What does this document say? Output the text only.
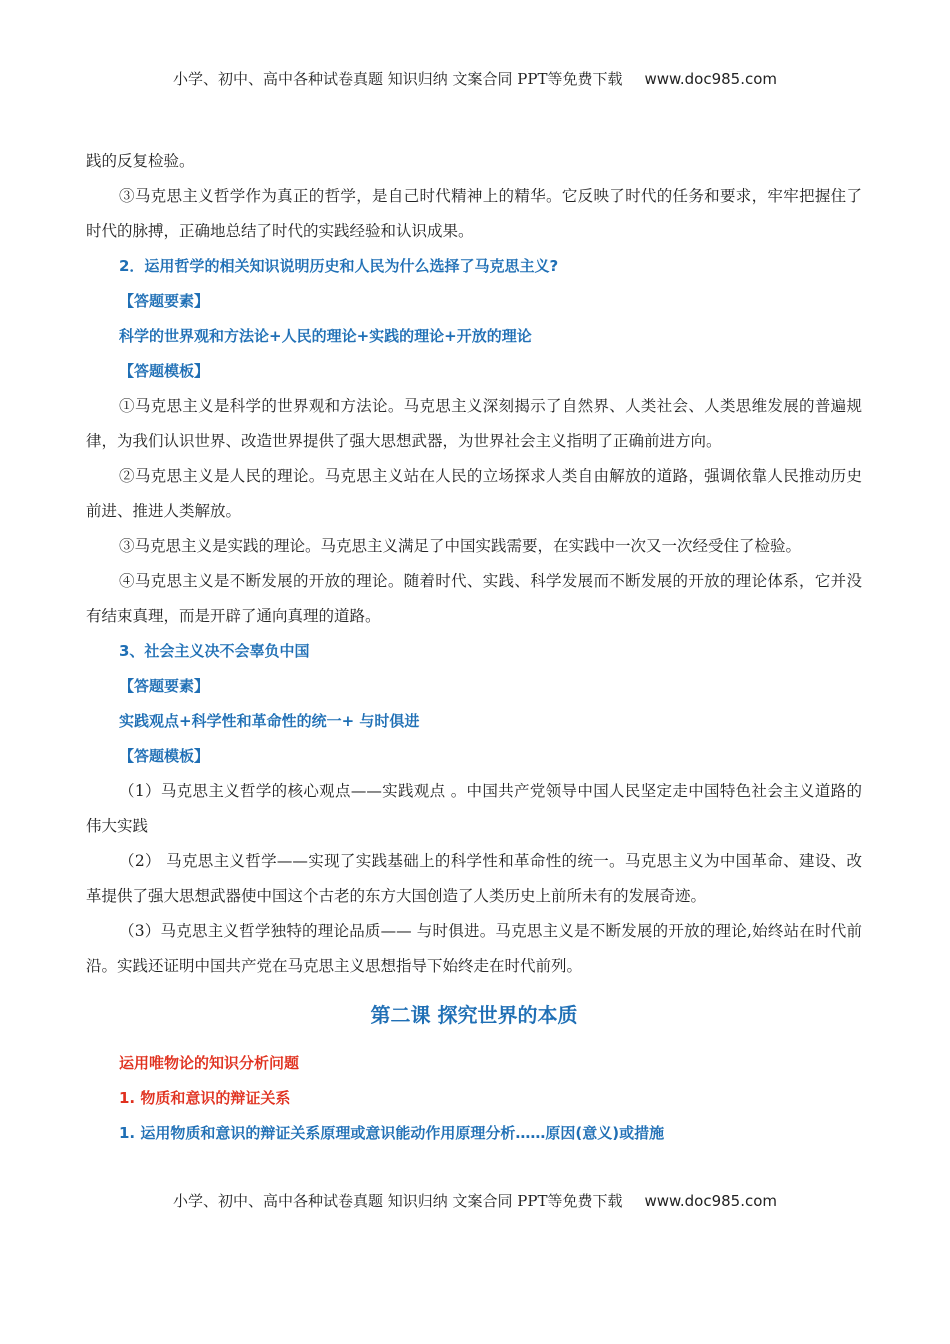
小学、初中、高中各种试卷真题 知识归纳 文案合同 PPT等免费下载 www.doc985.com

践的反复检验。

③马克思主义哲学作为真正的哲学，是自己时代精神上的精华。它反映了时代的任务和要求，牢牢把握住了时代的脉搏，正确地总结了时代的实践经验和认识成果。

2．运用哲学的相关知识说明历史和人民为什么选择了马克思主义?

【答题要素】

科学的世界观和方法论+人民的理论+实践的理论+开放的理论

【答题模板】

①马克思主义是科学的世界观和方法论。马克思主义深刻揭示了自然界、人类社会、人类思维发展的普遍规律，为我们认识世界、改造世界提供了强大思想武器，为世界社会主义指明了正确前进方向。

②马克思主义是人民的理论。马克思主义站在人民的立场探求人类自由解放的道路，强调依靠人民推动历史前进、推进人类解放。

③马克思主义是实践的理论。马克思主义满足了中国实践需要，在实践中一次又一次经受住了检验。

④马克思主义是不断发展的开放的理论。随着时代、实践、科学发展而不断发展的开放的理论体系，它并没有结束真理，而是开辟了通向真理的道路。

3、社会主义决不会辜负中国

【答题要素】

实践观点+科学性和革命性的统一+ 与时俱进

【答题模板】

（1）马克思主义哲学的核心观点——实践观点 。中国共产党领导中国人民坚定走中国特色社会主义道路的伟大实践

（2） 马克思主义哲学——实现了实践基础上的科学性和革命性的统一。马克思主义为中国革命、建设、改革提供了强大思想武器使中国这个古老的东方大国创造了人类历史上前所未有的发展奇迹。

（3）马克思主义哲学独特的理论品质—— 与时俱进。马克思主义是不断发展的开放的理论,始终站在时代前沿。实践还证明中国共产党在马克思主义思想指导下始终走在时代前列。

第二课 探究世界的本质

运用唯物论的知识分析问题

1. 物质和意识的辩证关系

1. 运用物质和意识的辩证关系原理或意识能动作用原理分析……原因(意义)或措施

小学、初中、高中各种试卷真题 知识归纳 文案合同 PPT等免费下载 www.doc985.com
